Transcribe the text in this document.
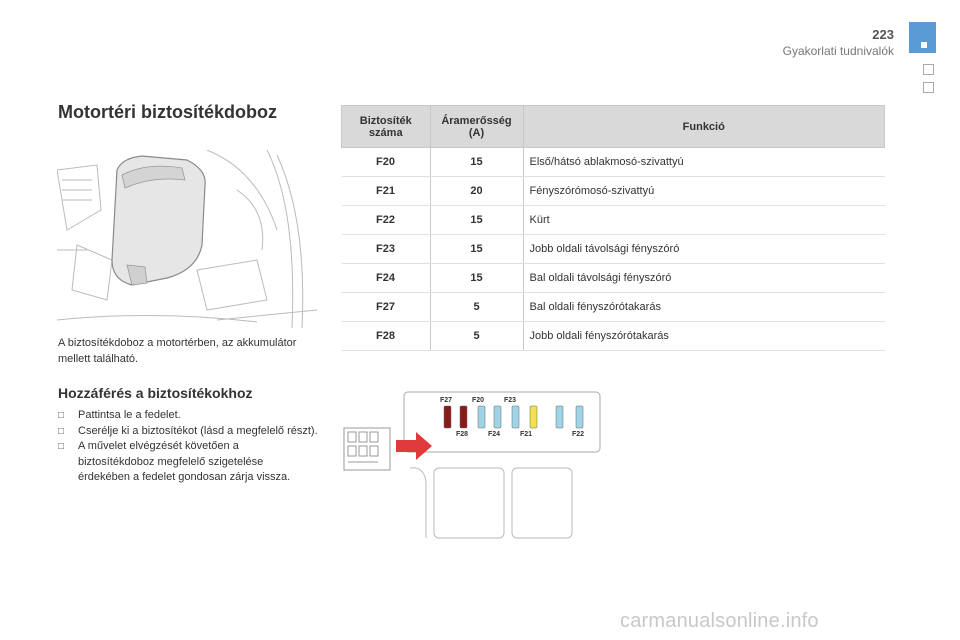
223
Gyakorlati tudnivalók
Motortéri biztosítékdoboz
A biztosítékdoboz a motortérben, az akkumulátor mellett található.
Hozzáférés a biztosítékokhoz
□ Pattintsa le a fedelet.
□ Cserélje ki a biztosítékot (lásd a megfelelő részt).
□ A művelet elvégzését követően a biztosítékdoboz megfelelő szigetelése érdekében a fedelet gondosan zárja vissza.
Biztosíték száma	Áramerősség (A)	Funkció
F20	15	Első/hátsó ablakmosó-szivattyú
F21	20	Fényszórómosó-szivattyú
F22	15	Kürt
F23	15	Jobb oldali távolsági fényszóró
F24	15	Bal oldali távolsági fényszóró
F27	5	Bal oldali fényszórótakarás
F28	5	Jobb oldali fényszórótakarás
F27	F20	F23
F28	F24	F21	F22
carmanualsonline.info
